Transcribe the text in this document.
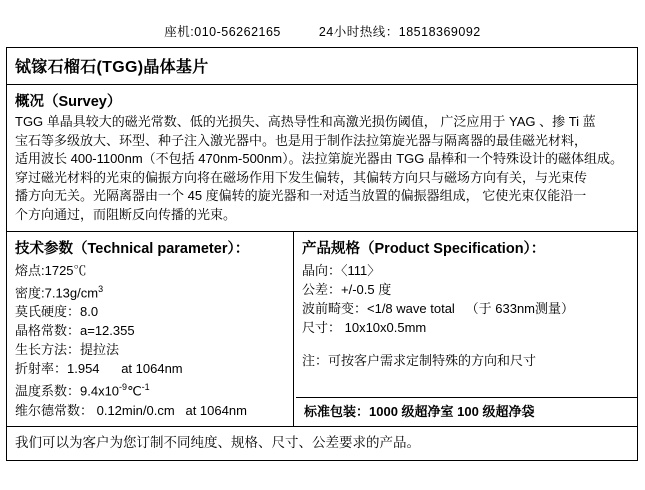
座机:010-56262165	24小时热线：18518369092
铽镓石榴石(TGG)晶体基片
概况（Survey）

TGG 单晶具较大的磁光常数、低的光损失、高热导性和高激光损伤阈值， 广泛应用于 YAG 、掺 Ti 蓝

宝石等多级放大、环型、种子注入激光器中。也是用于制作法拉第旋光器与隔离器的最佳磁光材料，

适用波长 400-1100nm（不包括 470nm-500nm）。法拉第旋光器由 TGG 晶棒和一个特殊设计的磁体组成。

穿过磁光材料的光束的偏振方向将在磁场作用下发生偏转，其偏转方向只与磁场方向有关，与光束传

播方向无关。光隔离器由一个 45 度偏转的旋光器和一对适当放置的偏振器组成， 它使光束仅能沿一

个方向通过，而阻断反向传播的光束。

技术参数（Technical parameter）：
熔点:1725℃
密度$:7.13g/cm^3$
莫氏硬度：8.0
晶格常数：a=12.355
生长方法：提拉法
折射率：1.954      at 1064nm
温度系数：$9.4x10^{-9}℃^{-1}$
维尔德常数： 0.12min/0.cm   at 1064nm
产品规格（Product Specification）：
晶向：〈111〉
公差：+/-0.5 度
波前畸变：<1/8 wave total   （于 633nm测量）
尺寸： 10x10x0.5mm
注：可按客户需求定制特殊的方向和尺寸
标准包装：1000 级超净室 100 级超净袋
我们可以为客户为您订制不同纯度、规格、尺寸、公差要求的产品。
